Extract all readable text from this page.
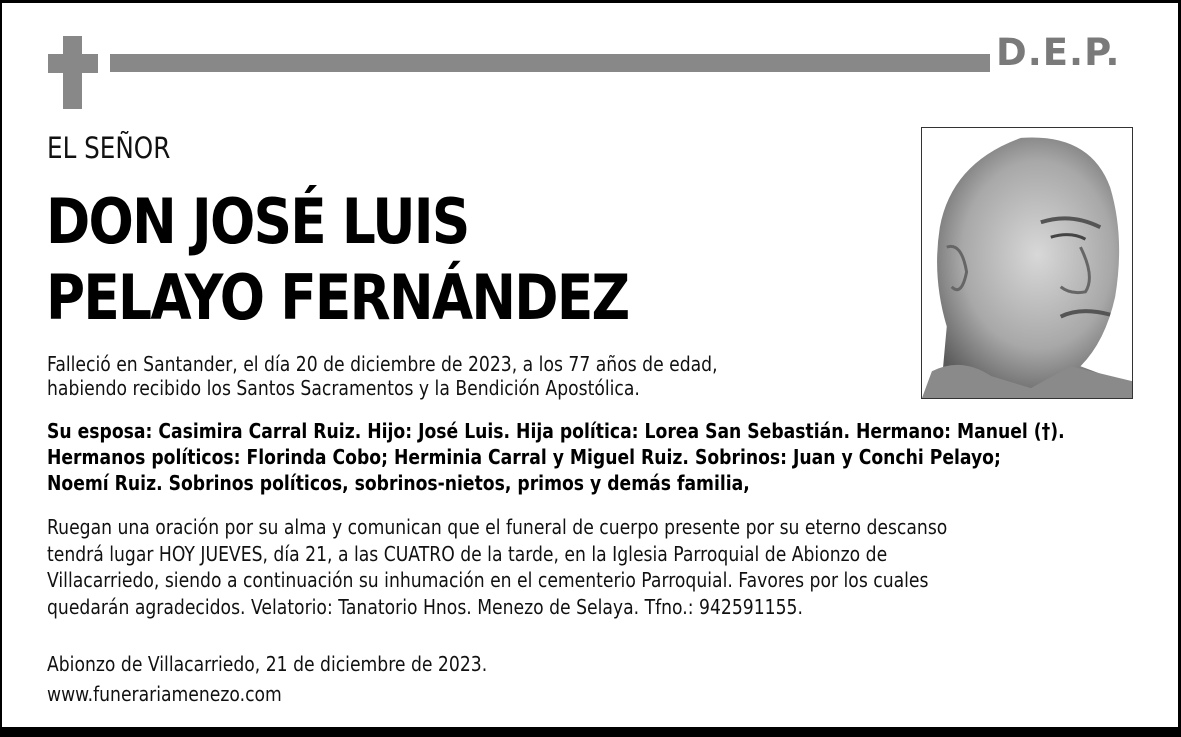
D.E.P.
EL SEÑOR
DON JOSÉ LUIS
PELAYO FERNÁNDEZ
Falleció en Santander, el día 20 de diciembre de 2023, a los 77 años de edad,
habiendo recibido los Santos Sacramentos y la Bendición Apostólica.
Su esposa: Casimira Carral Ruiz. Hijo: José Luis. Hija política: Lorea San Sebastián. Hermano: Manuel (†).
Hermanos políticos: Florinda Cobo; Herminia Carral y Miguel Ruiz. Sobrinos: Juan y Conchi Pelayo;
Noemí Ruiz. Sobrinos políticos, sobrinos-nietos, primos y demás familia,
Ruegan una oración por su alma y comunican que el funeral de cuerpo presente por su eterno descanso
tendrá lugar HOY JUEVES, día 21, a las CUATRO de la tarde, en la Iglesia Parroquial de Abionzo de
Villacarriedo, siendo a continuación su inhumación en el cementerio Parroquial. Favores por los cuales
quedarán agradecidos. Velatorio: Tanatorio Hnos. Menezo de Selaya. Tfno.: 942591155.
Abionzo de Villacarriedo, 21 de diciembre de 2023.
www.funerariamenezo.com
